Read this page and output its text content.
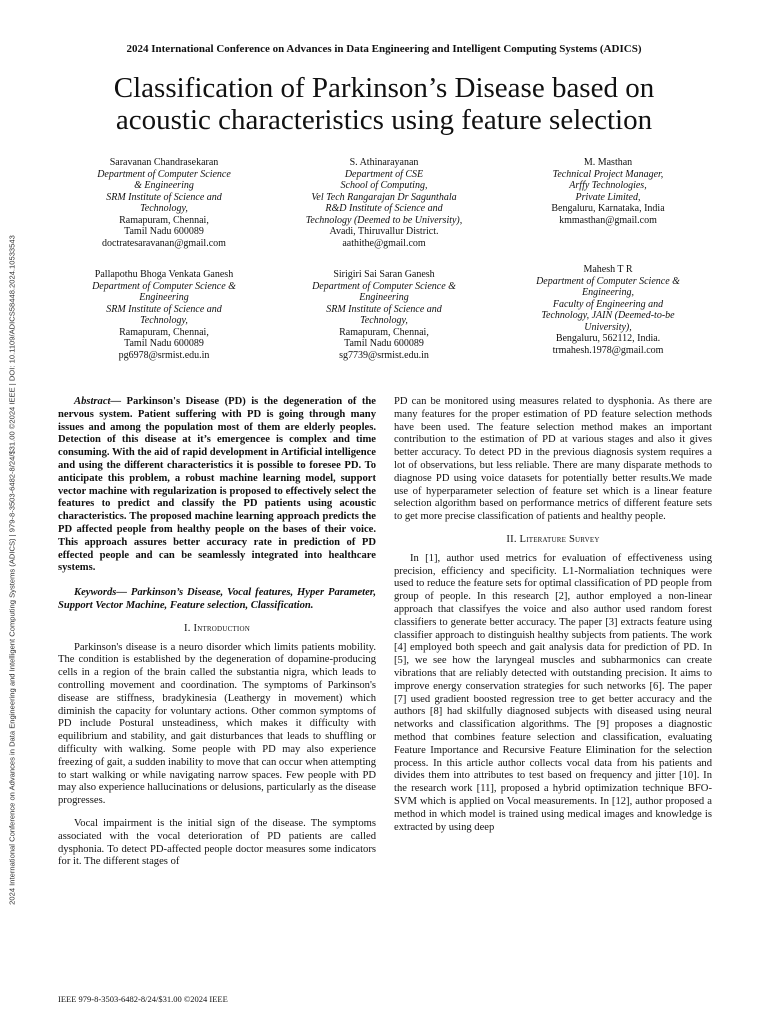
2024 International Conference on Advances in Data Engineering and Intelligent Computing Systems (ADICS) | 979-8-3503-6482-8/24/$31.00 ©2024 IEEE | DOI: 10.1109/ADICS58448.2024.10533543
2024 International Conference on Advances in Data Engineering and Intelligent Computing Systems (ADICS)
Classification of Parkinson’s Disease based on
acoustic characteristics using feature selection
Saravanan Chandrasekaran
Department of Computer Science
& Engineering
SRM Institute of Science and
Technology,
Ramapuram, Chennai,
Tamil Nadu 600089
doctratesaravanan@gmail.com
S. Athinarayanan
Department of CSE
School of Computing,
Vel Tech Rangarajan Dr Sagunthala
R&D Institute of Science and
Technology (Deemed to be University),
Avadi, Thiruvallur District.
aathithe@gmail.com
M. Masthan
Technical Project Manager,
Arffy Technologies,
Private Limited,
Bengaluru, Karnataka, India
kmmasthan@gmail.com
Pallapothu Bhoga Venkata Ganesh
Department of Computer Science &
Engineering
SRM Institute of Science and
Technology,
Ramapuram, Chennai,
Tamil Nadu 600089
pg6978@srmist.edu.in
Sirigiri Sai Saran Ganesh
Department of Computer Science &
Engineering
SRM Institute of Science and
Technology,
Ramapuram, Chennai,
Tamil Nadu 600089
sg7739@srmist.edu.in
Mahesh T R
Department of Computer Science &
Engineering,
Faculty of Engineering and
Technology, JAIN (Deemed-to-be
University),
Bengaluru, 562112, India.
trmahesh.1978@gmail.com

Abstract— Parkinson's Disease (PD) is the degeneration of the nervous system. Patient suffering with PD is going through many issues and among the population most of them are elderly peoples. Detection of this disease at it’s emergencee is complex and time consuming. With the aid of rapid development in Artificial intelligence and using the different characteristics it is possible to foresee PD. To anticipate this problem, a robust machine learning model, support vector machine with regularization is proposed to effectively select the features to predict and classify the PD patients using acoustic characteristics. The proposed machine learning approach predicts the PD affected people from healthy people on the bases of their voice. This approach assures better accuracy rate in prediction of PD effected people and can be seamlessly integrated into healthcare systems.

Keywords— Parkinson’s Disease, Vocal features, Hyper Parameter, Support Vector Machine, Feature selection, Classification.

I. Introduction

Parkinson's disease is a neuro disorder which limits patients mobility. The condition is established by the degeneration of dopamine-producing cells in a region of the brain called the substantia nigra, which leads to controlling movement and coordination. The symptoms of Parkinson's disease are stiffness, bradykinesia (Leathergy in movement) which diminish the capacity for voluntary actions. Other common symptoms of PD include Postural unsteadiness, which makes it difficulty with equilibrium and stability, and gait disturbances that leads to shuffling or difficulty with walking. Some people with PD may also experience freezing of gait, a sudden inability to move that can occur when attempting to start walking or while navigating narrow spaces. Few people with PD may also experience hallucinations or delusions, particularly as the disease progresses.

Vocal impairment is the initial sign of the disease. The symptoms associated with the vocal deterioration of PD patients are called dysphonia. To detect PD-affected people doctor measures some indicators for it. The different stages of

PD can be monitored using measures related to dysphonia. As there are many features for the proper estimation of PD feature selection methods have been used. The feature selection method makes an important contribution to the estimation of PD at various stages and also it gives better accuracy. To detect PD in the previous diagnosis system requires a lot of observations, but less reliable. There are many disparate methods to diagnose PD using voice datasets for potentially better results.We made use of hyperparameter selection of feature set which is a linear feature selection algorithm based on performance metrics of different feature sets to get more precise classification of patients and healthy people.

II. Literature Survey

In [1], author used metrics for evaluation of effectiveness using precision, efficiency and specificity. L1-Normaliation techniques were used to reduce the feature sets for optimal classification of PD people from group of people. In this research [2], author employed a non-linear approach that classifyes the voice and also author used random forest classifiers to generate better accuracy. The paper [3] extracts feature using classifier approach to distinguish healthy subjects from patients. The work [4] employed both speech and gait analysis data for prediction of PD. In [5], we see how the laryngeal muscles and subharmonics can create vibrations that are reliably detected with outstanding precision. It aims to improve energy conservation strategies for such networks [6]. The paper [7] used gradient boosted regression tree to get better accuracy and the authors [8] had skilfully diagnosed subjects with diseased using neural networks and classification algorithms. The [9] proposes a diagnostic method that combines feature selection and classification, evaluating Feature Importance and Recursive Feature Elimination for the selection process. In this article author collects vocal data from his patients and divides them into attributes to test based on frequency and jitter [10]. In the research work [11], proposed a hybrid optimization technique BFO-SVM which is applied on Vocal measurements. In [12], author proposed a method in which model is trained using medical images and knowledge is extracted by using deep

IEEE 979-8-3503-6482-8/24/$31.00 ©2024 IEEE
